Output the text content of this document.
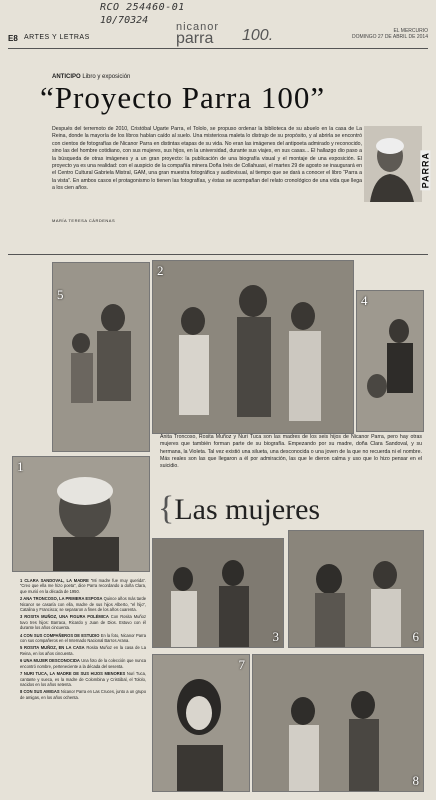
RCO 254460-01
10/70324
E8 ARTES Y LETRAS
nicanor
parra	100.	EL MERCURIO
DOMINGO 27 DE ABRIL DE 2014
ANTICIPO Libro y exposición
“Proyecto Parra 100”
Después del terremoto de 2010, Cristóbal Ugarte Parra, el Tololo, se propuso ordenar la biblioteca de su abuelo en la casa de La Reina, donde la mayoría de los libros habían caído al suelo. Una misteriosa maleta lo distrajo de su propósito, y al abrirla se encontró con cientos de fotografías de Nicanor Parra en distintas etapas de su vida. No eran las imágenes del antipoeta admirado y reconocido, sino las del hombre cotidiano, con sus mujeres, sus hijos, en la universidad, durante sus viajes, en sus casas... El hallazgo dio paso a la búsqueda de otras imágenes y a un gran proyecto: la publicación de una biografía visual y el montaje de una exposición. El proyecto ya es una realidad: con el auspicio de la compañía minera Doña Inés de Collahuasi, el martes 29 de agosto se inaugurará en el Centro Cultural Gabriela Mistral, GAM, una gran muestra fotográfica y audiovisual, al tiempo que se dará a conocer el libro “Parra a la vista”. En ambos casos el protagonismo lo tienen las fotografías, y éstas se acompañan del relato cronológico de una vida que llega a los cien años.	PARRA
MARÍA TERESA CÁRDENAS
5
2
4
1
Anita Troncoso, Rosita Muñoz y Nuri Tuca son las madres de los seis hijos de Nicanor Parra, pero hay otras mujeres que también forman parte de su biografía. Empezando por su madre, doña Clara Sandoval, y su hermana, la Violeta. Tal vez existió una silueta, una desconocida o una joven de la que no recuerda ni el nombre. Más reales son las que llegaron a él por admiración, las que le dieron calma y uso que lo hizo pensar en el suicidio.
{Las mujeres
3	6
7
8

1 CLARA SANDOVAL, LA MADRE “Mi madre fue muy querida”. “Creo que ella me hizo poeta”, dice Parra recordando a doña Clara, que murió en la década de 1950.

2 ANA TRONCOSO, LA PRIMERA ESPOSA Quince años más tarde Nicanor se casaría con ella, madre de sus hijos Alberto, “el hijo”, Catalina y Francisca; se separaron a fines de los años cuarenta.

3 ROSITA MUÑOZ, UNA FIGURA POLÉMICA Con Rosita Muñoz tuvo tres hijos: Barraca, Ricardo y Juan de Dios. Estuvo con él durante los años cincuenta.

4 CON SUS COMPAÑEROS DE ESTUDIO En la foto, Nicanor Parra con sus compañeros en el Internado Nacional Barros Arana.

5 ROSITA MUÑOZ, EN LA CASA Rosita Muñoz en la casa de La Reina, en los años cincuenta.

6 UNA MUJER DESCONOCIDA Una foto de la colección que nunca encontró nombre, perteneciente a la década del sesenta.

7 NURI TUCA, LA MADRE DE SUS HIJOS MENORES Nuri Tuca, cantante y sueca, es la madre de Colombina y Cristóbal, el Tololo, nacidos en los años setenta.

8 CON SUS AMIGAS Nicanor Parra en Las Cruces, junto a un grupo de amigas, en los años ochenta.
